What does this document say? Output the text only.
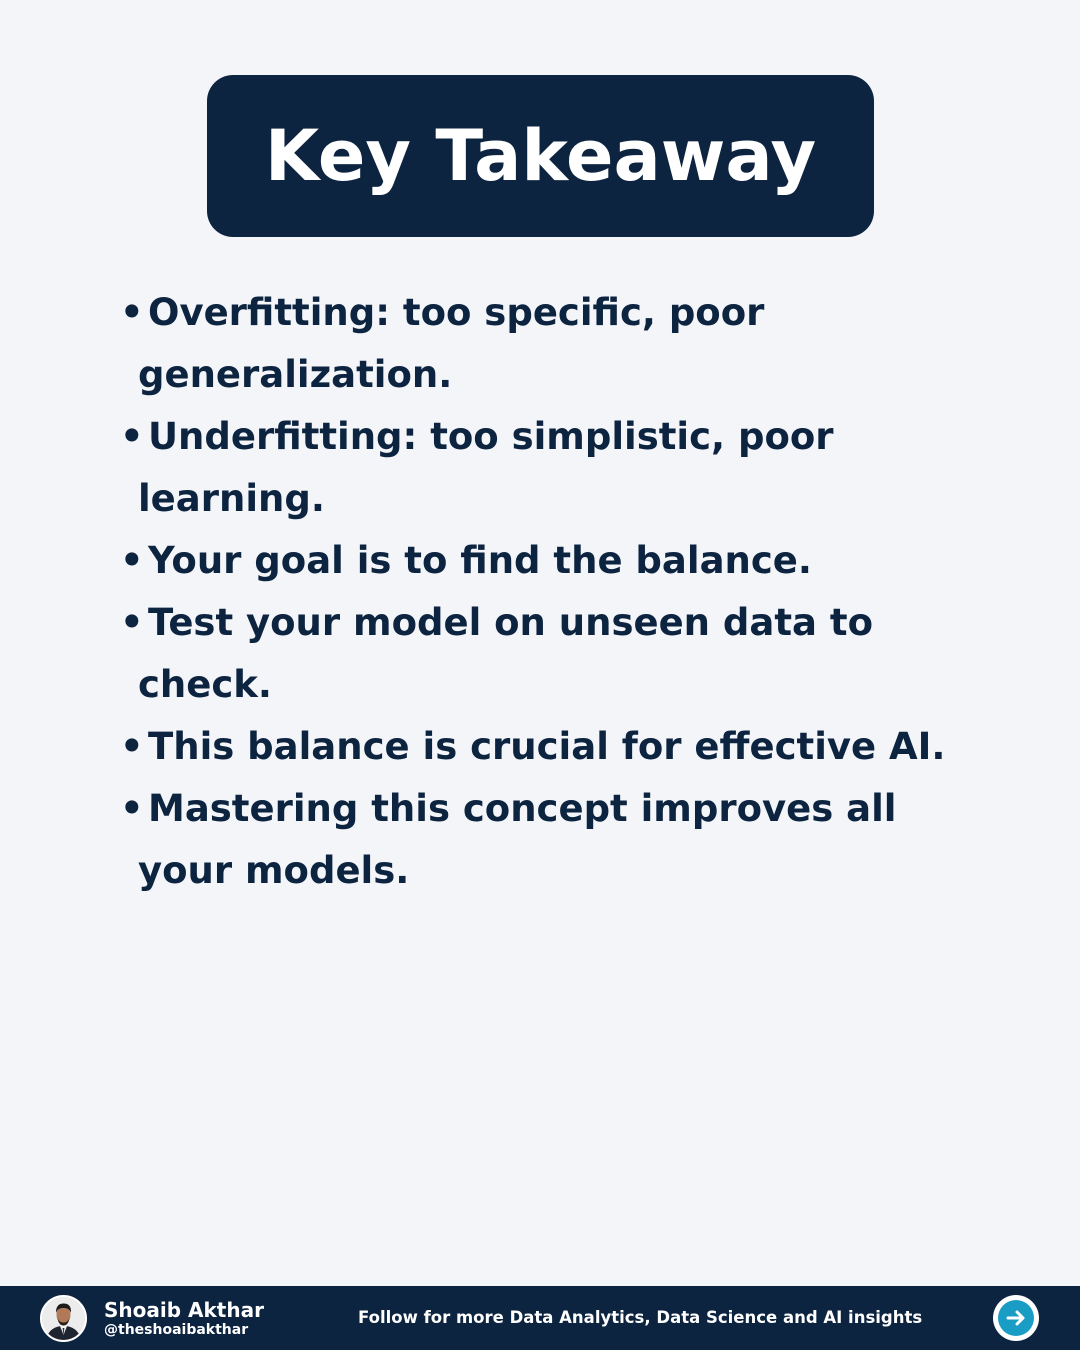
Key Takeaway
• Overfitting: too specific, poor generalization.
• Underfitting: too simplistic, poor learning.
• Your goal is to find the balance.
• Test your model on unseen data to check.
• This balance is crucial for effective AI.
• Mastering this concept improves all your models.
Shoaib Akthar
@theshoaibakthar
Follow for more Data Analytics, Data Science and AI insights
